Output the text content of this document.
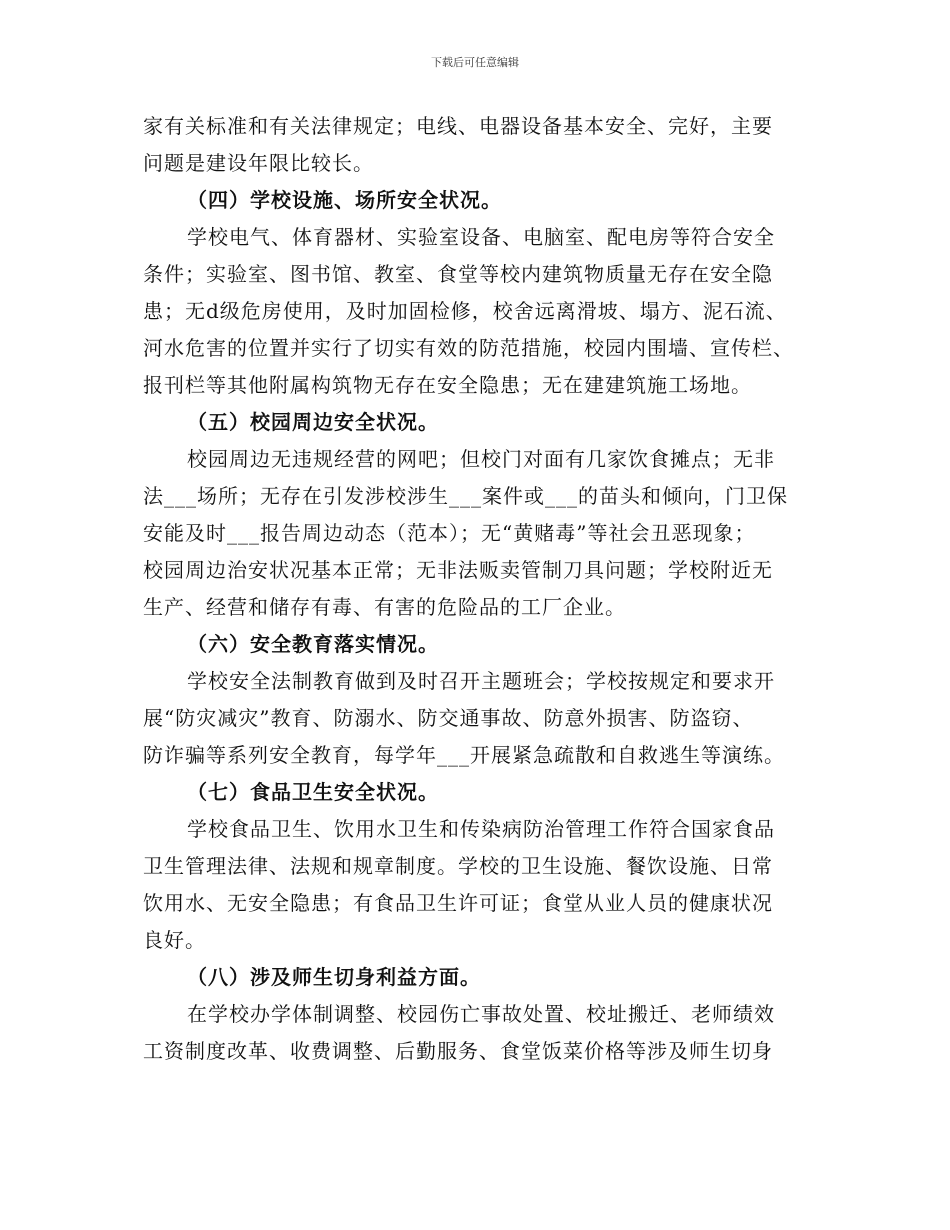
下载后可任意编辑
家有关标准和有关法律规定；电线、电器设备基本安全、完好，主要
问题是建设年限比较长。
（四）学校设施、场所安全状况。
学校电气、体育器材、实验室设备、电脑室、配电房等符合安全
条件；实验室、图书馆、教室、食堂等校内建筑物质量无存在安全隐
患；无d级危房使用，及时加固检修，校舍远离滑坡、塌方、泥石流、
河水危害的位置并实行了切实有效的防范措施，校园内围墙、宣传栏、
报刊栏等其他附属构筑物无存在安全隐患；无在建建筑施工场地。
（五）校园周边安全状况。
校园周边无违规经营的网吧；但校门对面有几家饮食摊点；无非
法___场所；无存在引发涉校涉生___案件或___的苗头和倾向，门卫保
安能及时___报告周边动态（范本）；无“黄赌毒”等社会丑恶现象；
校园周边治安状况基本正常；无非法贩卖管制刀具问题；学校附近无
生产、经营和储存有毒、有害的危险品的工厂企业。
（六）安全教育落实情况。
学校安全法制教育做到及时召开主题班会；学校按规定和要求开
展“防灾减灾”教育、防溺水、防交通事故、防意外损害、防盗窃、
防诈骗等系列安全教育，每学年___开展紧急疏散和自救逃生等演练。
（七）食品卫生安全状况。
学校食品卫生、饮用水卫生和传染病防治管理工作符合国家食品
卫生管理法律、法规和规章制度。学校的卫生设施、餐饮设施、日常
饮用水、无安全隐患；有食品卫生许可证；食堂从业人员的健康状况
良好。
（八）涉及师生切身利益方面。
在学校办学体制调整、校园伤亡事故处置、校址搬迁、老师绩效
工资制度改革、收费调整、后勤服务、食堂饭菜价格等涉及师生切身
